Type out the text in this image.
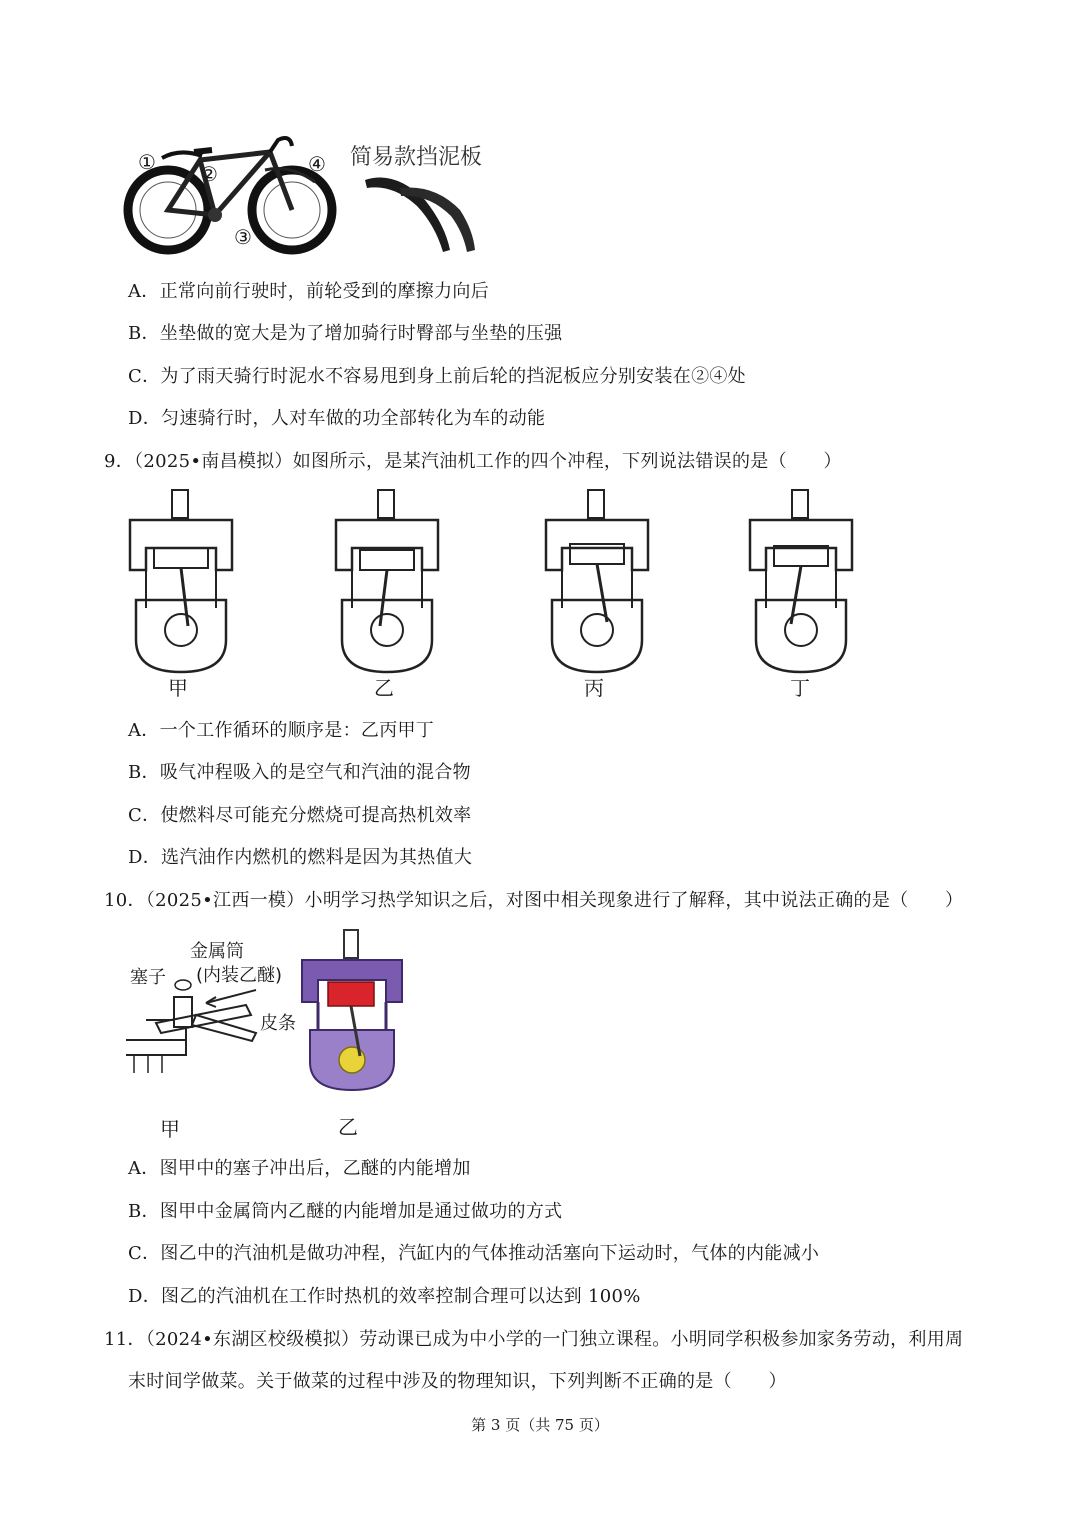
① ②
③
④ 简易款挡泥板
A．正常向前行驶时，前轮受到的摩擦力向后
B．坐垫做的宽大是为了增加骑行时臀部与坐垫的压强
C．为了雨天骑行时泥水不容易甩到身上前后轮的挡泥板应分别安装在②④处
D．匀速骑行时，人对车做的功全部转化为车的动能
9．（2025•南昌模拟）如图所示，是某汽油机工作的四个冲程，下列说法错误的是（　　）
甲	乙	丙	丁
A．一个工作循环的顺序是：乙丙甲丁
B．吸气冲程吸入的是空气和汽油的混合物
C．使燃料尽可能充分燃烧可提高热机效率
D．选汽油作内燃机的燃料是因为其热值大
10．（2025•江西一模）小明学习热学知识之后，对图中相关现象进行了解释，其中说法正确的是（　　）
金属筒
(内装乙醚)
塞子
皮条
甲	乙
A．图甲中的塞子冲出后，乙醚的内能增加
B．图甲中金属筒内乙醚的内能增加是通过做功的方式
C．图乙中的汽油机是做功冲程，汽缸内的气体推动活塞向下运动时，气体的内能减小
D．图乙的汽油机在工作时热机的效率控制合理可以达到 100%
11．（2024•东湖区校级模拟）劳动课已成为中小学的一门独立课程。小明同学积极参加家务劳动，利用周
末时间学做菜。关于做菜的过程中涉及的物理知识，下列判断不正确的是（　　）
第 3 页（共 75 页）
